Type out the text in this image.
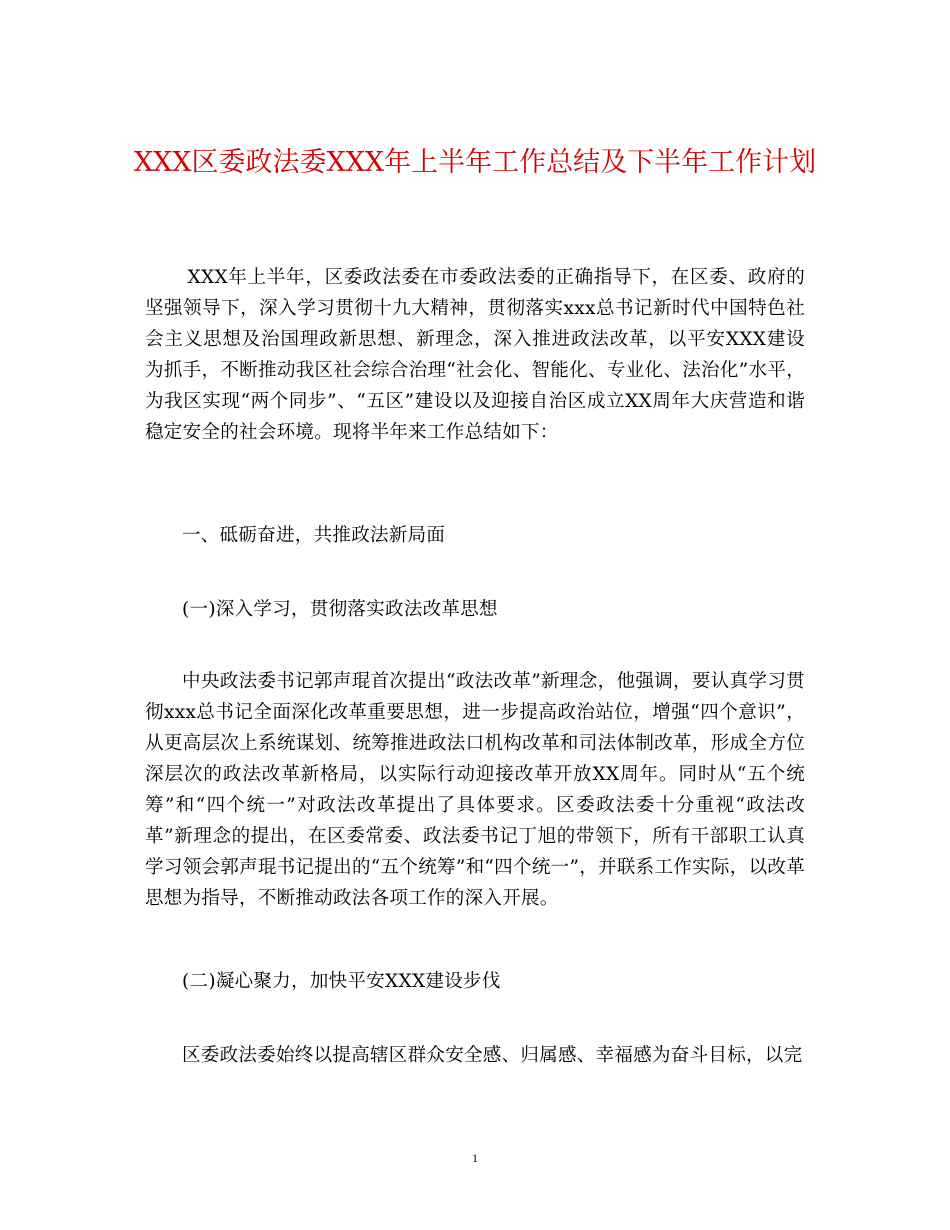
XXX区委政法委XXX年上半年工作总结及下半年工作计划
XXX年上半年，区委政法委在市委政法委的正确指导下，在区委、政府的坚强领导下，深入学习贯彻十九大精神，贯彻落实xxx总书记新时代中国特色社会主义思想及治国理政新思想、新理念，深入推进政法改革，以平安XXX建设为抓手，不断推动我区社会综合治理“社会化、智能化、专业化、法治化”水平，为我区实现“两个同步”、“五区”建设以及迎接自治区成立XX周年大庆营造和谐稳定安全的社会环境。现将半年来工作总结如下：
一、砥砺奋进，共推政法新局面
(一)深入学习，贯彻落实政法改革思想
中央政法委书记郭声琨首次提出“政法改革”新理念，他强调，要认真学习贯彻xxx总书记全面深化改革重要思想，进一步提高政治站位，增强“四个意识”，从更高层次上系统谋划、统筹推进政法口机构改革和司法体制改革，形成全方位深层次的政法改革新格局，以实际行动迎接改革开放XX周年。同时从“五个统筹”和“四个统一”对政法改革提出了具体要求。区委政法委十分重视“政法改革”新理念的提出，在区委常委、政法委书记丁旭的带领下，所有干部职工认真学习领会郭声琨书记提出的“五个统筹”和“四个统一”，并联系工作实际，以改革思想为指导，不断推动政法各项工作的深入开展。
(二)凝心聚力，加快平安XXX建设步伐
区委政法委始终以提高辖区群众安全感、归属感、幸福感为奋斗目标，以完
1
